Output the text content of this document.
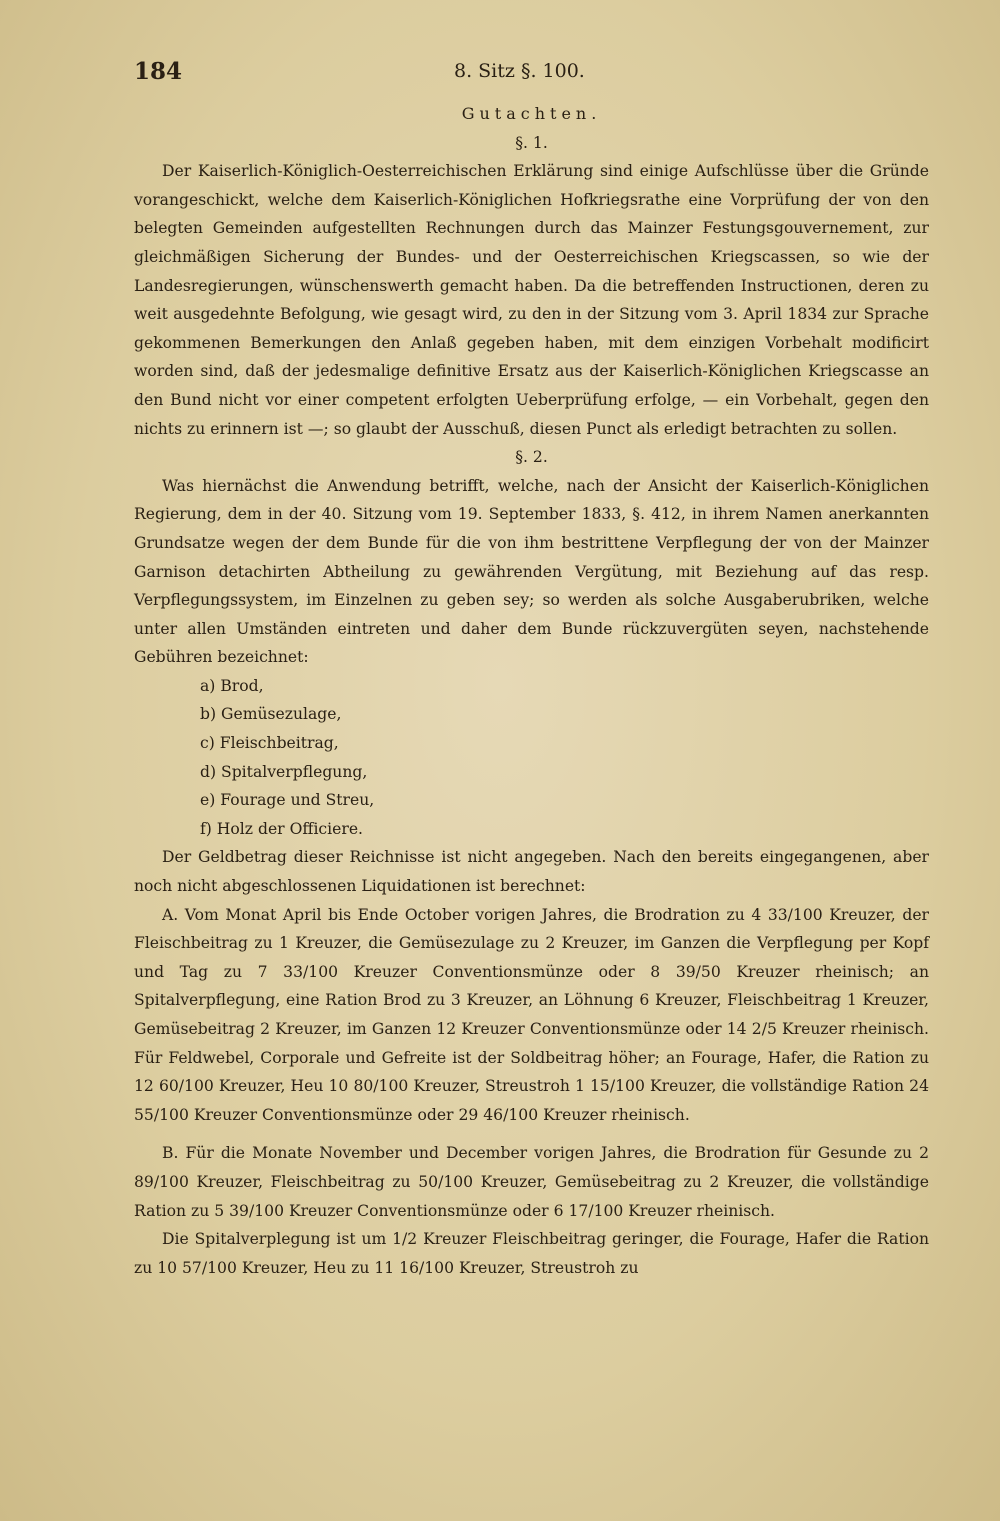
184	8. Sitz §. 100.
Gutachten.
§. 1.

Der Kaiserlich-Königlich-Oesterreichischen Erklärung sind einige Aufschlüsse über die Gründe vorangeschickt, welche dem Kaiserlich-Königlichen Hofkriegsrathe eine Vorprüfung der von den belegten Gemeinden aufgestellten Rechnungen durch das Mainzer Festungsgouvernement, zur gleichmäßigen Sicherung der Bundes- und der Oesterreichischen Kriegscassen, so wie der Landesregierungen, wünschenswerth gemacht haben. Da die betreffenden Instructionen, deren zu weit ausgedehnte Befolgung, wie gesagt wird, zu den in der Sitzung vom 3. April 1834 zur Sprache gekommenen Bemerkungen den Anlaß gegeben haben, mit dem einzigen Vorbehalt modificirt worden sind, daß der jedesmalige definitive Ersatz aus der Kaiserlich-Königlichen Kriegscasse an den Bund nicht vor einer competent erfolgten Ueberprüfung erfolge, — ein Vorbehalt, gegen den nichts zu erinnern ist —; so glaubt der Ausschuß, diesen Punct als erledigt betrachten zu sollen.

§. 2.

Was hiernächst die Anwendung betrifft, welche, nach der Ansicht der Kaiserlich-Königlichen Regierung, dem in der 40. Sitzung vom 19. September 1833, §. 412, in ihrem Namen anerkannten Grundsatze wegen der dem Bunde für die von ihm bestrittene Verpflegung der von der Mainzer Garnison detachirten Abtheilung zu gewährenden Vergütung, mit Beziehung auf das resp. Verpflegungssystem, im Einzelnen zu geben sey; so werden als solche Ausgaberubriken, welche unter allen Umständen eintreten und daher dem Bunde rückzuvergüten seyen, nachstehende Gebühren bezeichnet:

a) Brod,
b) Gemüsezulage,
c) Fleischbeitrag,
d) Spitalverpflegung,
e) Fourage und Streu,
f) Holz der Officiere.

Der Geldbetrag dieser Reichnisse ist nicht angegeben. Nach den bereits eingegangenen, aber noch nicht abgeschlossenen Liquidationen ist berechnet:

A. Vom Monat April bis Ende October vorigen Jahres, die Brodration zu 4 33/100 Kreuzer, der Fleischbeitrag zu 1 Kreuzer, die Gemüsezulage zu 2 Kreuzer, im Ganzen die Verpflegung per Kopf und Tag zu 7 33/100 Kreuzer Conventionsmünze oder 8 39/50 Kreuzer rheinisch; an Spitalverpflegung, eine Ration Brod zu 3 Kreuzer, an Löhnung 6 Kreuzer, Fleischbeitrag 1 Kreuzer, Gemüsebeitrag 2 Kreuzer, im Ganzen 12 Kreuzer Conventionsmünze oder 14 2/5 Kreuzer rheinisch. Für Feldwebel, Corporale und Gefreite ist der Soldbeitrag höher; an Fourage, Hafer, die Ration zu 12 60/100 Kreuzer, Heu 10 80/100 Kreuzer, Streustroh 1 15/100 Kreuzer, die vollständige Ration 24 55/100 Kreuzer Conventionsmünze oder 29 46/100 Kreuzer rheinisch.

B. Für die Monate November und December vorigen Jahres, die Brodration für Gesunde zu 2 89/100 Kreuzer, Fleischbeitrag zu 50/100 Kreuzer, Gemüsebeitrag zu 2 Kreuzer, die vollständige Ration zu 5 39/100 Kreuzer Conventionsmünze oder 6 17/100 Kreuzer rheinisch.

Die Spitalverplegung ist um 1/2 Kreuzer Fleischbeitrag geringer, die Fourage, Hafer die Ration zu 10 57/100 Kreuzer, Heu zu 11 16/100 Kreuzer, Streustroh zu
